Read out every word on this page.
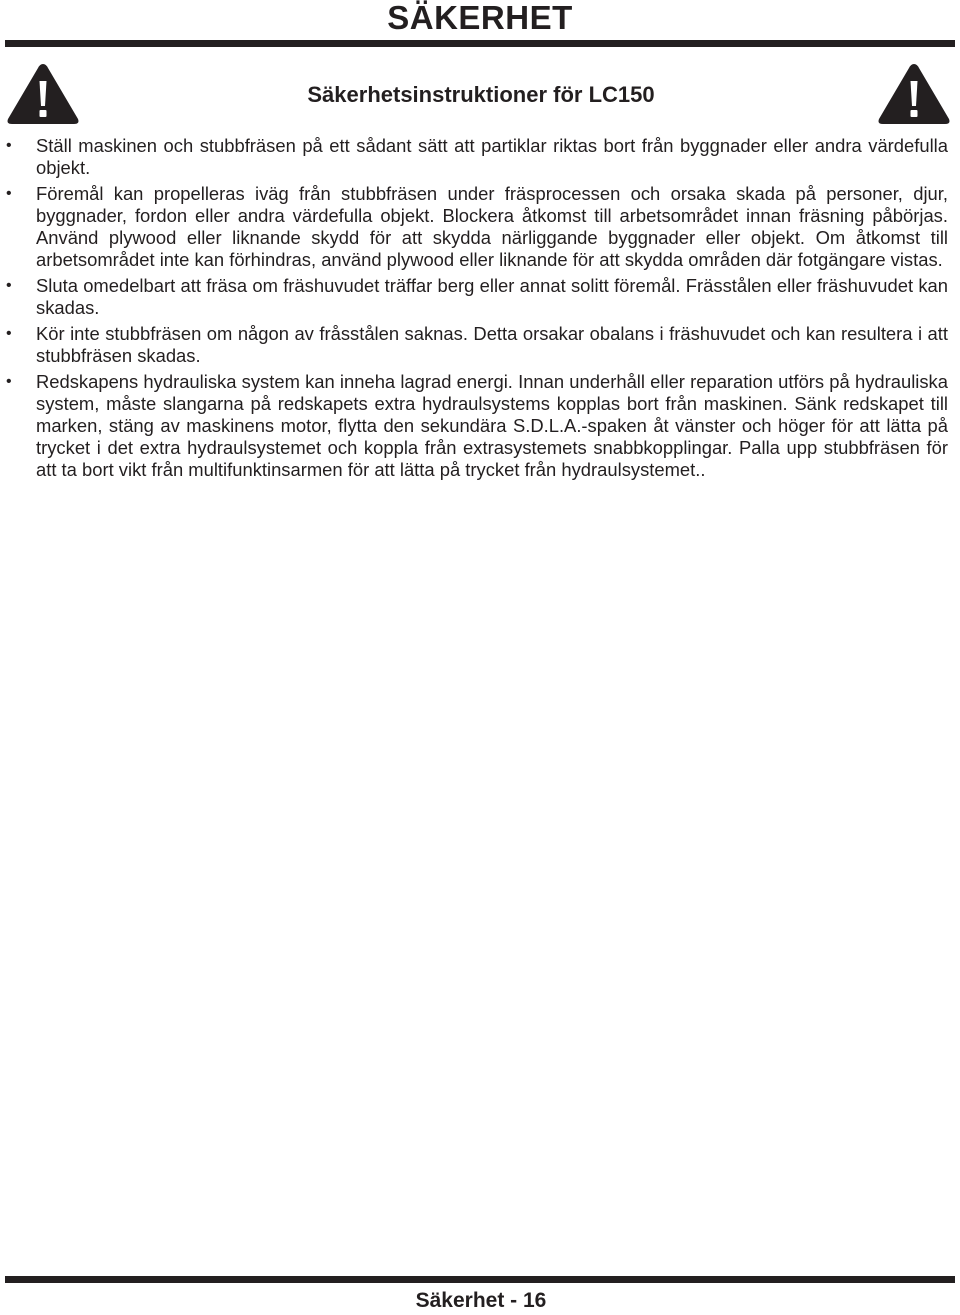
SÄKERHET
Säkerhetsinstruktioner för LC150
• Ställ maskinen och stubbfräsen på ett sådant sätt att partiklar riktas bort från byggnader eller andra värdefulla objekt.
• Föremål kan propelleras iväg från stubbfräsen under fräsprocessen och orsaka skada på personer, djur, byggnader, fordon eller andra värdefulla objekt. Blockera åtkomst till arbetsområdet innan fräsning påbörjas. Använd plywood eller liknande skydd för att skydda närliggande byggnader eller objekt. Om åtkomst till arbetsområdet inte kan förhindras, använd plywood eller liknande för att skydda områden där fotgängare vistas.
• Sluta omedelbart att fräsa om fräshuvudet träffar berg eller annat solitt föremål. Frässtålen eller fräshuvudet kan skadas.
• Kör inte stubbfräsen om någon av fråsstålen saknas. Detta orsakar obalans i fräshuvudet och kan resultera i att stubbfräsen skadas.
• Redskapens hydrauliska system kan inneha lagrad energi. Innan underhåll eller reparation utförs på hydrauliska system, måste slangarna på redskapets extra hydraulsystems kopplas bort från maskinen. Sänk redskapet till marken, stäng av maskinens motor, flytta den sekundära S.D.L.A.-spaken åt vänster och höger för att lätta på trycket i det extra hydraulsystemet och koppla från extrasystemets snabbkopplingar. Palla upp stubbfräsen för att ta bort vikt från multifunktinsarmen för att lätta på trycket från hydraulsystemet..
Säkerhet - 16
